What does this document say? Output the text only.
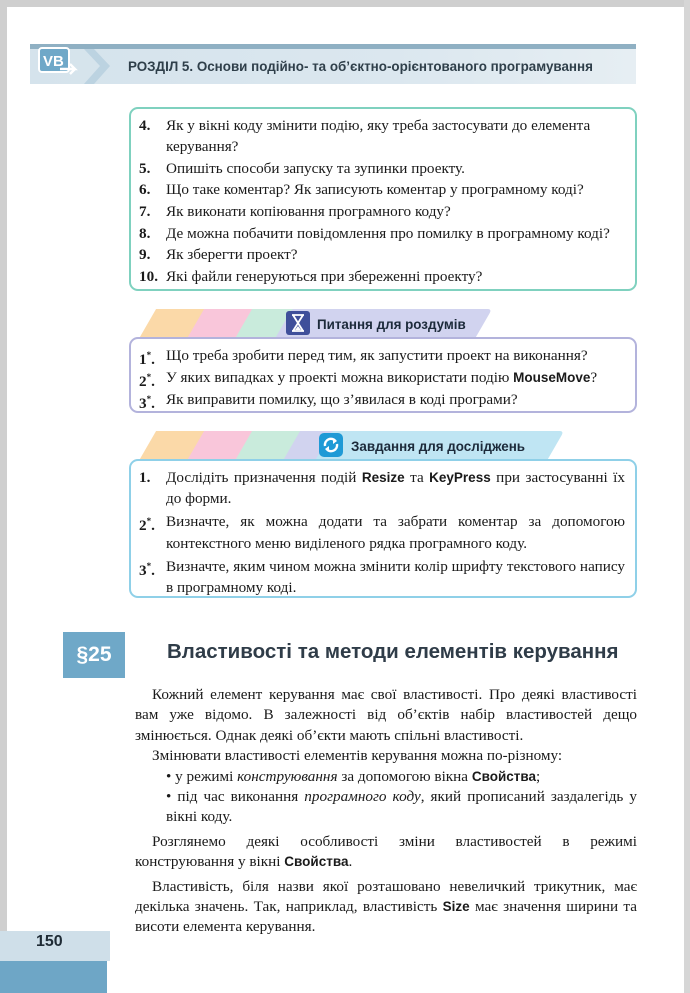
VB	РОЗДІЛ 5. Основи подійно- та об’єктно-орієнтованого програмування
4. Як у вікні коду змінити подію, яку треба застосувати до елемента керування?
5. Опишіть способи запуску та зупинки проекту.
6. Що таке коментар? Як записують коментар у програмному коді?
7. Як виконати копіювання програмного коду?
8. Де можна побачити повідомлення про помилку в програмному коді?
9. Як зберегти проект?
10. Які файли генеруються при збереженні проекту?
Питання для роздумів
1*. Що треба зробити перед тим, як запустити проект на виконання?
2*. У яких випадках у проекті можна використати подію MouseMove?
3*. Як виправити помилку, що з’явилася в коді програми?
Завдання для досліджень
1. Дослідіть призначення подій Resize та KeyPress при застосуванні їх до форми.
2*. Визначте, як можна додати та забрати коментар за допомогою контекстного меню виділеного рядка програмного коду.
3*. Визначте, яким чином можна змінити колір шрифту текстового напису в програмному коді.
§25	Властивості та методи елементів керування

Кожний елемент керування має свої властивості. Про деякі властивості вам уже відомо. В залежності від об’єктів набір властивостей дещо змінюється. Однак деякі об’єкти мають спільні властивості.

Змінювати властивості елементів керування можна по-різному:

• у режимі конструювання за допомогою вікна Свойства;

• під час виконання програмного коду, який прописаний заздалегідь у вікні коду.

Розглянемо деякі особливості зміни властивостей в режимі конструювання у вікні Свойства.

Властивість, біля назви якої розташовано невеличкий трикутник, має декілька значень. Так, наприклад, властивість Size має значення ширини та висоти елемента керування.

150
